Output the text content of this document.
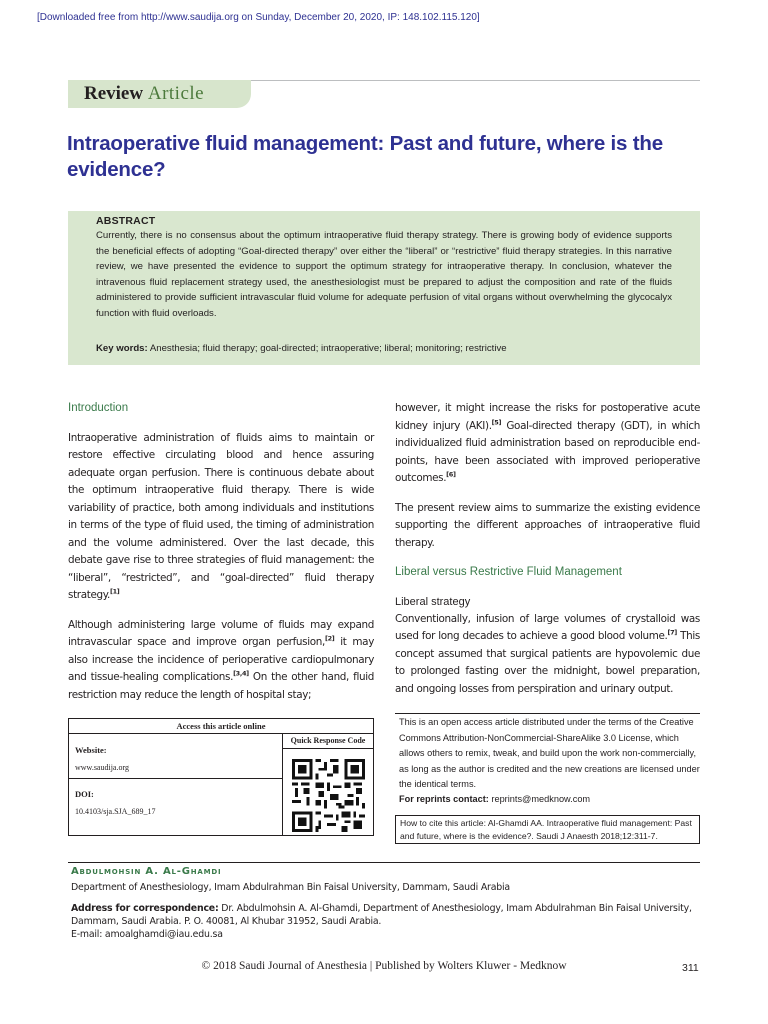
[Downloaded free from http://www.saudija.org on Sunday, December 20, 2020, IP: 148.102.115.120]
Review Article
Intraoperative fluid management: Past and future, where is the evidence?
ABSTRACT
Currently, there is no consensus about the optimum intraoperative fluid therapy strategy. There is growing body of evidence supports the beneficial effects of adopting “Goal-directed therapy” over either the “liberal” or “restrictive” fluid therapy strategies. In this narrative review, we have presented the evidence to support the optimum strategy for intraoperative therapy. In conclusion, whatever the intravenous fluid replacement strategy used, the anesthesiologist must be prepared to adjust the composition and rate of the fluids administered to provide sufficient intravascular fluid volume for adequate perfusion of vital organs without overwhelming the glycocalyx function with fluid overloads.
Key words: Anesthesia; fluid therapy; goal-directed; intraoperative; liberal; monitoring; restrictive

Introduction

Intraoperative administration of fluids aims to maintain or restore effective circulating blood and hence assuring adequate organ perfusion. There is continuous debate about the optimum intraoperative fluid therapy. There is wide variability of practice, both among individuals and institutions in terms of the type of fluid used, the timing of administration and the volume administered. Over the last decade, this debate gave rise to three strategies of fluid management: the “liberal”, “restricted”, and “goal-directed” fluid therapy strategy.[1]

Although administering large volume of fluids may expand intravascular space and improve organ perfusion,[2] it may also increase the incidence of perioperative cardiopulmonary and tissue-healing complications.[3,4] On the other hand, fluid restriction may reduce the length of hospital stay;

however, it might increase the risks for postoperative acute kidney injury (AKI).[5] Goal-directed therapy (GDT), in which individualized fluid administration based on reproducible end-points, have been associated with improved perioperative outcomes.[6]

The present review aims to summarize the existing evidence supporting the different approaches of intraoperative fluid therapy.

Liberal versus Restrictive Fluid Management

Liberal strategy

Conventionally, infusion of large volumes of crystalloid was used for long decades to achieve a good blood volume.[7] This concept assumed that surgical patients are hypovolemic due to prolonged fasting over the midnight, bowel preparation, and ongoing losses from perspiration and urinary output.

Access this article online
Website:
www.saudija.org
DOI:
10.4103/sja.SJA_689_17
Quick Response Code
This is an open access article distributed under the terms of the Creative Commons Attribution-NonCommercial-ShareAlike 3.0 License, which allows others to remix, tweak, and build upon the work non-commercially, as long as the author is credited and the new creations are licensed under the identical terms.
For reprints contact: reprints@medknow.com
How to cite this article: Al-Ghamdi AA. Intraoperative fluid management: Past and future, where is the evidence?. Saudi J Anaesth 2018;12:311-7.
Abdulmohsin A. Al-Ghamdi
Department of Anesthesiology, Imam Abdulrahman Bin Faisal University, Dammam, Saudi Arabia
Address for correspondence: Dr. Abdulmohsin A. Al-Ghamdi, Department of Anesthesiology, Imam Abdulrahman Bin Faisal University, Dammam, Saudi Arabia. P. O. 40081, Al Khubar 31952, Saudi Arabia.
E-mail: amoalghamdi@iau.edu.sa
© 2018 Saudi Journal of Anesthesia | Published by Wolters Kluwer - Medknow	311
